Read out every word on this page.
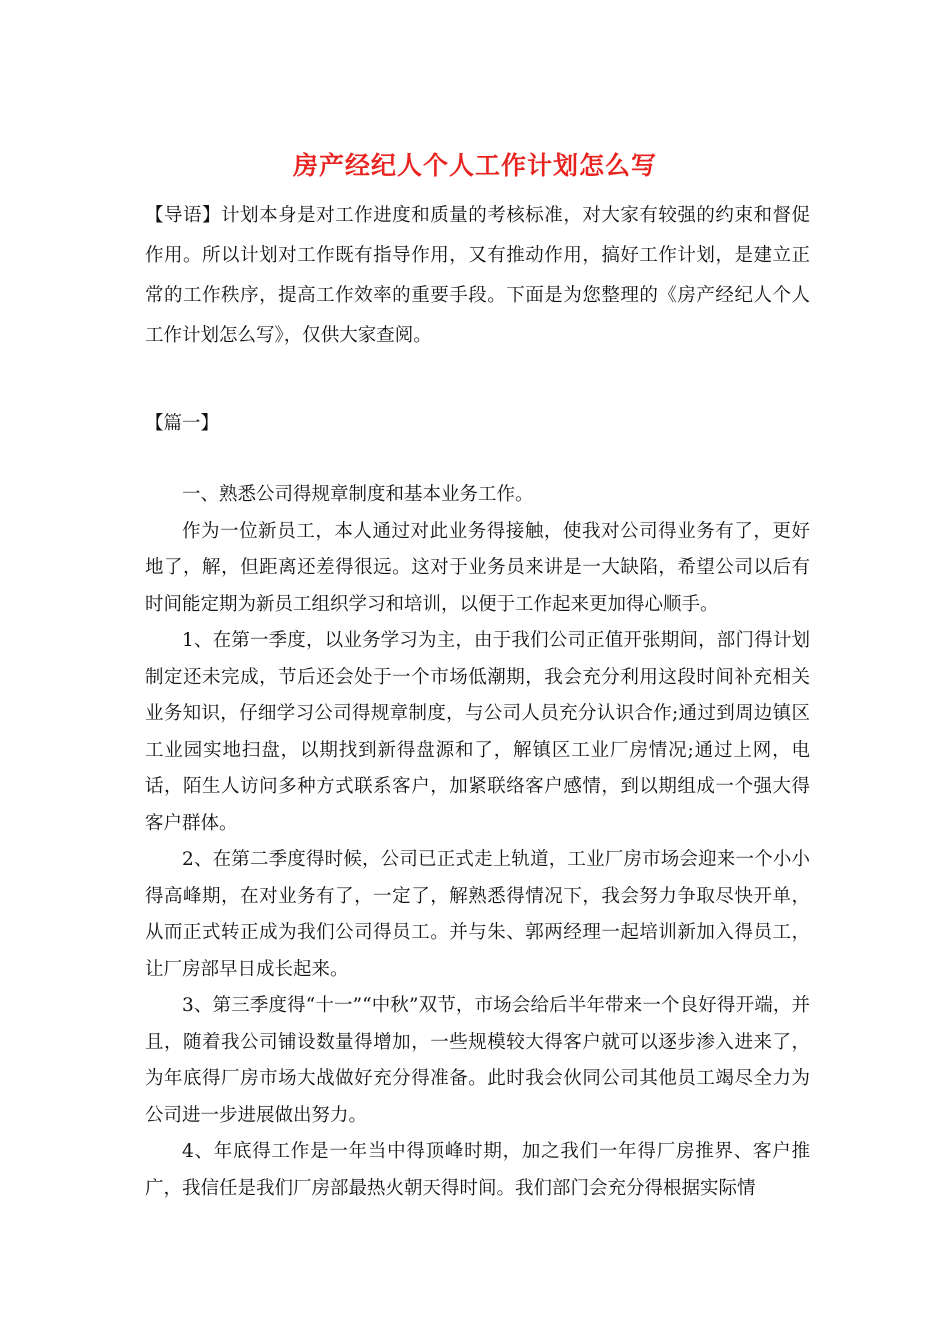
房产经纪人个人工作计划怎么写

【导语】计划本身是对工作进度和质量的考核标准，对大家有较强的约束和督促作用。所以计划对工作既有指导作用，又有推动作用，搞好工作计划，是建立正常的工作秩序，提高工作效率的重要手段。下面是为您整理的《房产经纪人个人工作计划怎么写》，仅供大家查阅。

【篇一】

一、熟悉公司得规章制度和基本业务工作。

作为一位新员工，本人通过对此业务得接触，使我对公司得业务有了，更好地了，解，但距离还差得很远。这对于业务员来讲是一大缺陷，希望公司以后有时间能定期为新员工组织学习和培训，以便于工作起来更加得心顺手。

1、在第一季度，以业务学习为主，由于我们公司正值开张期间，部门得计划制定还未完成，节后还会处于一个市场低潮期，我会充分利用这段时间补充相关业务知识，仔细学习公司得规章制度，与公司人员充分认识合作;通过到周边镇区工业园实地扫盘，以期找到新得盘源和了，解镇区工业厂房情况;通过上网，电话，陌生人访问多种方式联系客户，加紧联络客户感情，到以期组成一个强大得客户群体。

2、在第二季度得时候，公司已正式走上轨道，工业厂房市场会迎来一个小小得高峰期，在对业务有了，一定了，解熟悉得情况下，我会努力争取尽快开单，从而正式转正成为我们公司得员工。并与朱、郭两经理一起培训新加入得员工，让厂房部早日成长起来。

3、第三季度得“十一”“中秋”双节，市场会给后半年带来一个良好得开端，并且，随着我公司铺设数量得增加，一些规模较大得客户就可以逐步渗入进来了，为年底得厂房市场大战做好充分得准备。此时我会伙同公司其他员工竭尽全力为公司进一步进展做出努力。

4、年底得工作是一年当中得顶峰时期，加之我们一年得厂房推界、客户推广，我信任是我们厂房部最热火朝天得时间。我们部门会充分得根据实际情
